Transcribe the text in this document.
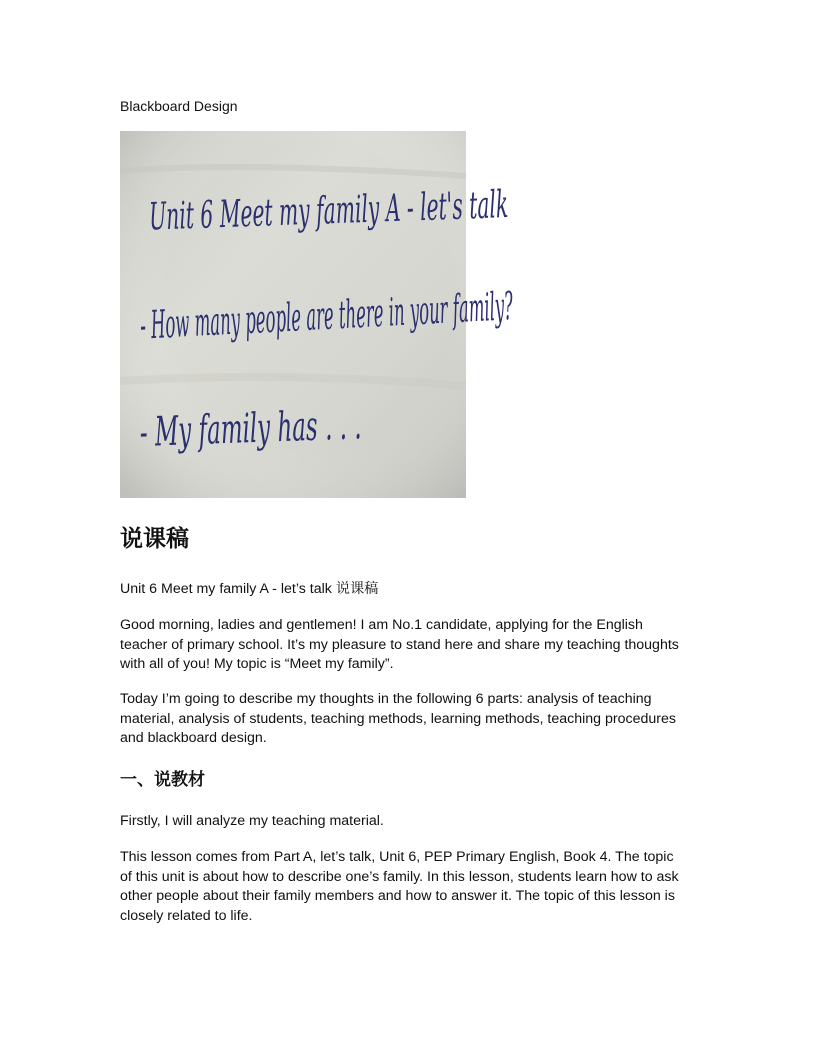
Blackboard Design
Unit 6 Meet my family A - let's talk
- How many people are there in your family?
- My family has . . .
说课稿

Unit 6 Meet my family A - let’s talk 说课稿

Good morning, ladies and gentlemen! I am No.1 candidate, applying for the English teacher of primary school. It’s my pleasure to stand here and share my teaching thoughts with all of you! My topic is “Meet my family”.

Today I’m going to describe my thoughts in the following 6 parts: analysis of teaching material, analysis of students, teaching methods, learning methods, teaching procedures and blackboard design.

一、说教材

Firstly, I will analyze my teaching material.

This lesson comes from Part A, let’s talk, Unit 6, PEP Primary English, Book 4. The topic of this unit is about how to describe one’s family. In this lesson, students learn how to ask other people about their family members and how to answer it. The topic of this lesson is closely related to life.
